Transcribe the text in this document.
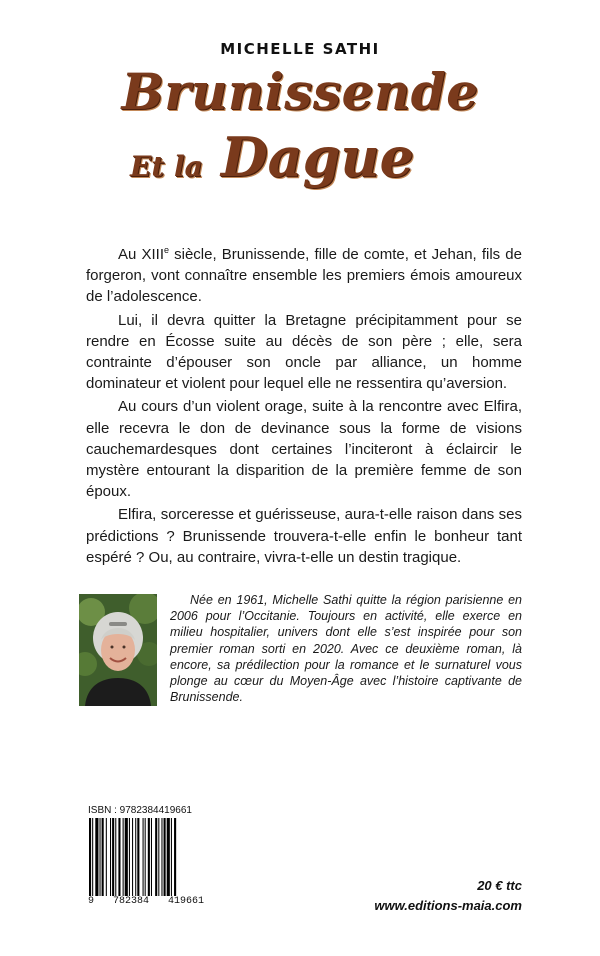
MICHELLE SATHI
Brunissende
Et la Dague

Au XIIIe siècle, Brunissende, fille de comte, et Jehan, fils de forgeron, vont connaître ensemble les premiers émois amoureux de l’adolescence.

Lui, il devra quitter la Bretagne précipitamment pour se rendre en Écosse suite au décès de son père ; elle, sera contrainte d’épouser son oncle par alliance, un homme dominateur et violent pour lequel elle ne ressentira qu’aversion.

Au cours d’un violent orage, suite à la rencontre avec Elfira, elle recevra le don de devinance sous la forme de visions cauchemardesques dont certaines l’inciteront à éclaircir le mystère entourant la disparition de la première femme de son époux.

Elfira, sorceresse et guérisseuse, aura-t-elle raison dans ses prédictions ? Brunissende trouvera-t-elle enfin le bonheur tant espéré ? Ou, au contraire, vivra-t-elle un destin tragique.

Née en 1961, Michelle Sathi quitte la région parisienne en 2006 pour l’Occitanie. Toujours en activité, elle exerce en milieu hospitalier, univers dont elle s’est inspirée pour son premier roman sorti en 2020. Avec ce deuxième roman, là encore, sa prédilection pour la romance et le surnaturel vous plonge au cœur du Moyen-Âge avec l’histoire captivante de Brunissende.

ISBN : 9782384419661
9 782384 419661
20 € ttc
www.editions-maia.com
